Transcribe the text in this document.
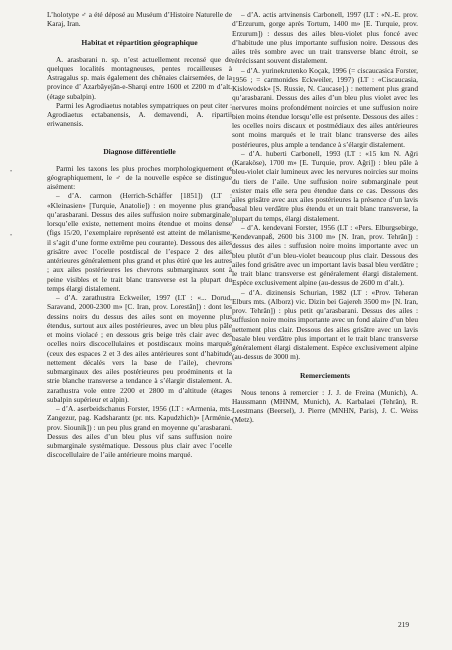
L’holotype ♂ a été déposé au Muséum d’Histoire Naturelle de Karaj, Iran.

Habitat et répartition géographique

A. arasbarani n. sp. n’est actuellement recensé que de quelques localités montagneuses, pentes rocailleuses à Astragalus sp. mais également des chênaies clairsemées, de la province d’ Azarbâyejân-e-Sharqi entre 1600 et 2200 m d’alt. (étage subalpin).

Parmi les Agrodiaetus notables sympatriques on peut citer : Agrodiaetus ectabanensis, A. demavendi, A. ripartii eriwanensis.

Diagnose différentielle

Parmi les taxons les plus proches morphologiquement et géographiquement, le ♂ de la nouvelle espèce se distingue aisément:

– d’A. carmon (Herrich-Schäffer [1851]) (LT : «Kleinasien» [Turquie, Anatolie]) : en moyenne plus grand qu’arasbarani. Dessus des ailes suffusion noire submarginale, lorsqu’elle existe, nettement moins étendue et moins dense (figs 15/20, l’exemplaire représenté est atteint de mélanisme, il s’agit d’une forme extrême peu courante). Dessous des ailes grisâtre avec l’ocelle postdiscal de l’espace 2 des ailes antérieures généralement plus grand et plus étiré que les autres ; aux ailes postérieures les chevrons submarginaux sont à peine visibles et le trait blanc transverse est la plupart du temps élargi distalement.

– d’A. zarathustra Eckweiler, 1997 (LT : «... Dorud, Saravand, 2000-2300 m» [C. Iran, prov. Lorestân]) : dont les dessins noirs du dessus des ailes sont en moyenne plus étendus, surtout aux ailes postérieures, avec un bleu plus pâle et moins violacé ; en dessous gris beige très clair avec des ocelles noirs discocellulaires et postdiscaux moins marqués (ceux des espaces 2 et 3 des ailes antérieures sont d’habitude nettement décalés vers la base de l’aile), chevrons submarginaux des ailes postérieures peu proéminents et la strie blanche transverse a tendance à s’élargir distalement. A. zarathustra vole entre 2200 et 2800 m d’altitude (étages subalpin supérieur et alpin).

– d’A. aserbeidschanus Forster, 1956 (LT : «Armenia, mts. Zangezur, pag. Kadsharantz (pr. nts. Kapudzhich)» [Arménie, prov. Siounik]) : un peu plus grand en moyenne qu’arasbarani. Dessus des ailes d’un bleu plus vif sans suffusion noire submarginale systématique. Dessous plus clair avec l’ocelle discocellulaire de l’aile antérieure moins marqué.

– d’A. actis artvinensis Carbonell, 1997 (LT : «N.-E. prov. d’Erzurum, gorge après Tortum, 1400 m» [E. Turquie, prov. Erzurum]) : dessus des ailes bleu-violet plus foncé avec d’habitude une plus importante suffusion noire. Dessous des ailes très sombre avec un trait transverse blanc étroit, se rétrécissant souvent distalement.

– d’A. yurinekrutenko Koçak, 1996 (= ciscaucasica Forster, 1956 ; = carmonides Eckweiler, 1997) (LT : «Ciscaucasia, Kislowodsk» [S. Russie, N. Caucase].) : nettement plus grand qu’arasbarani. Dessus des ailes d’un bleu plus violet avec les nervures moins profondément noircies et une suffusion noire bien moins étendue lorsqu’elle est présente. Dessous des ailes : les ocelles noirs discaux et postmédiaux des ailes antérieures sont moins marqués et le trait blanc transverse des ailes postérieures, plus ample a tendance à s’élargir distalement.

– d’A. huberti Carbonell, 1993 (LT : «15 km N. Ağri (Karaköse), 1700 m» [E. Turquie, prov. Ağri]) : bleu pâle à bleu-violet clair lumineux avec les nervures noircies sur moins du tiers de l’aile. Une suffusion noire submarginale peut exister mais elle sera peu étendue dans ce cas. Dessous des ailes grisâtre avec aux ailes postérieures la présence d’un lavis basal bleu verdâtre plus étendu et un trait blanc transverse, la plupart du temps, élargi distalement.

– d’A. kendevani Forster, 1956 (LT : «Pers. Elburgsebirge, Kendevanpaß, 2600 bis 3100 m» [N. Iran, prov. Tehrân]) : dessus des ailes : suffusion noire moins importante avec un bleu plutôt d’un bleu-violet beaucoup plus clair. Dessous des ailes fond grisâtre avec un important lavis basal bleu verdâtre ; le trait blanc transverse est généralement élargi distalement. Espèce exclusivement alpine (au-dessus de 2600 m d’alt.).

– d’A. dizinensis Schurian, 1982 (LT : «Prov. Teheran Elburs mts. (Alborz) vic. Dizin bei Gajereh 3500 m» [N. Iran, prov. Tehrân]) : plus petit qu’arasbarani. Dessus des ailes : suffusion noire moins importante avec un fond alaire d’un bleu nettement plus clair. Dessous des ailes grisâtre avec un lavis basale bleu verdâtre plus important et le trait blanc transverse généralement élargi distalement. Espèce exclusivement alpine (au-dessus de 3000 m).

Remerciements

Nous tenons à remercier : J. J. de Freina (Munich), A. Haussmann (MHNM, Munich), A. Karbalaei (Tehrân), R. Leestmans (Beersel), J. Pierre (MNHN, Paris), J. C. Weiss (Metz).

•
•
219
